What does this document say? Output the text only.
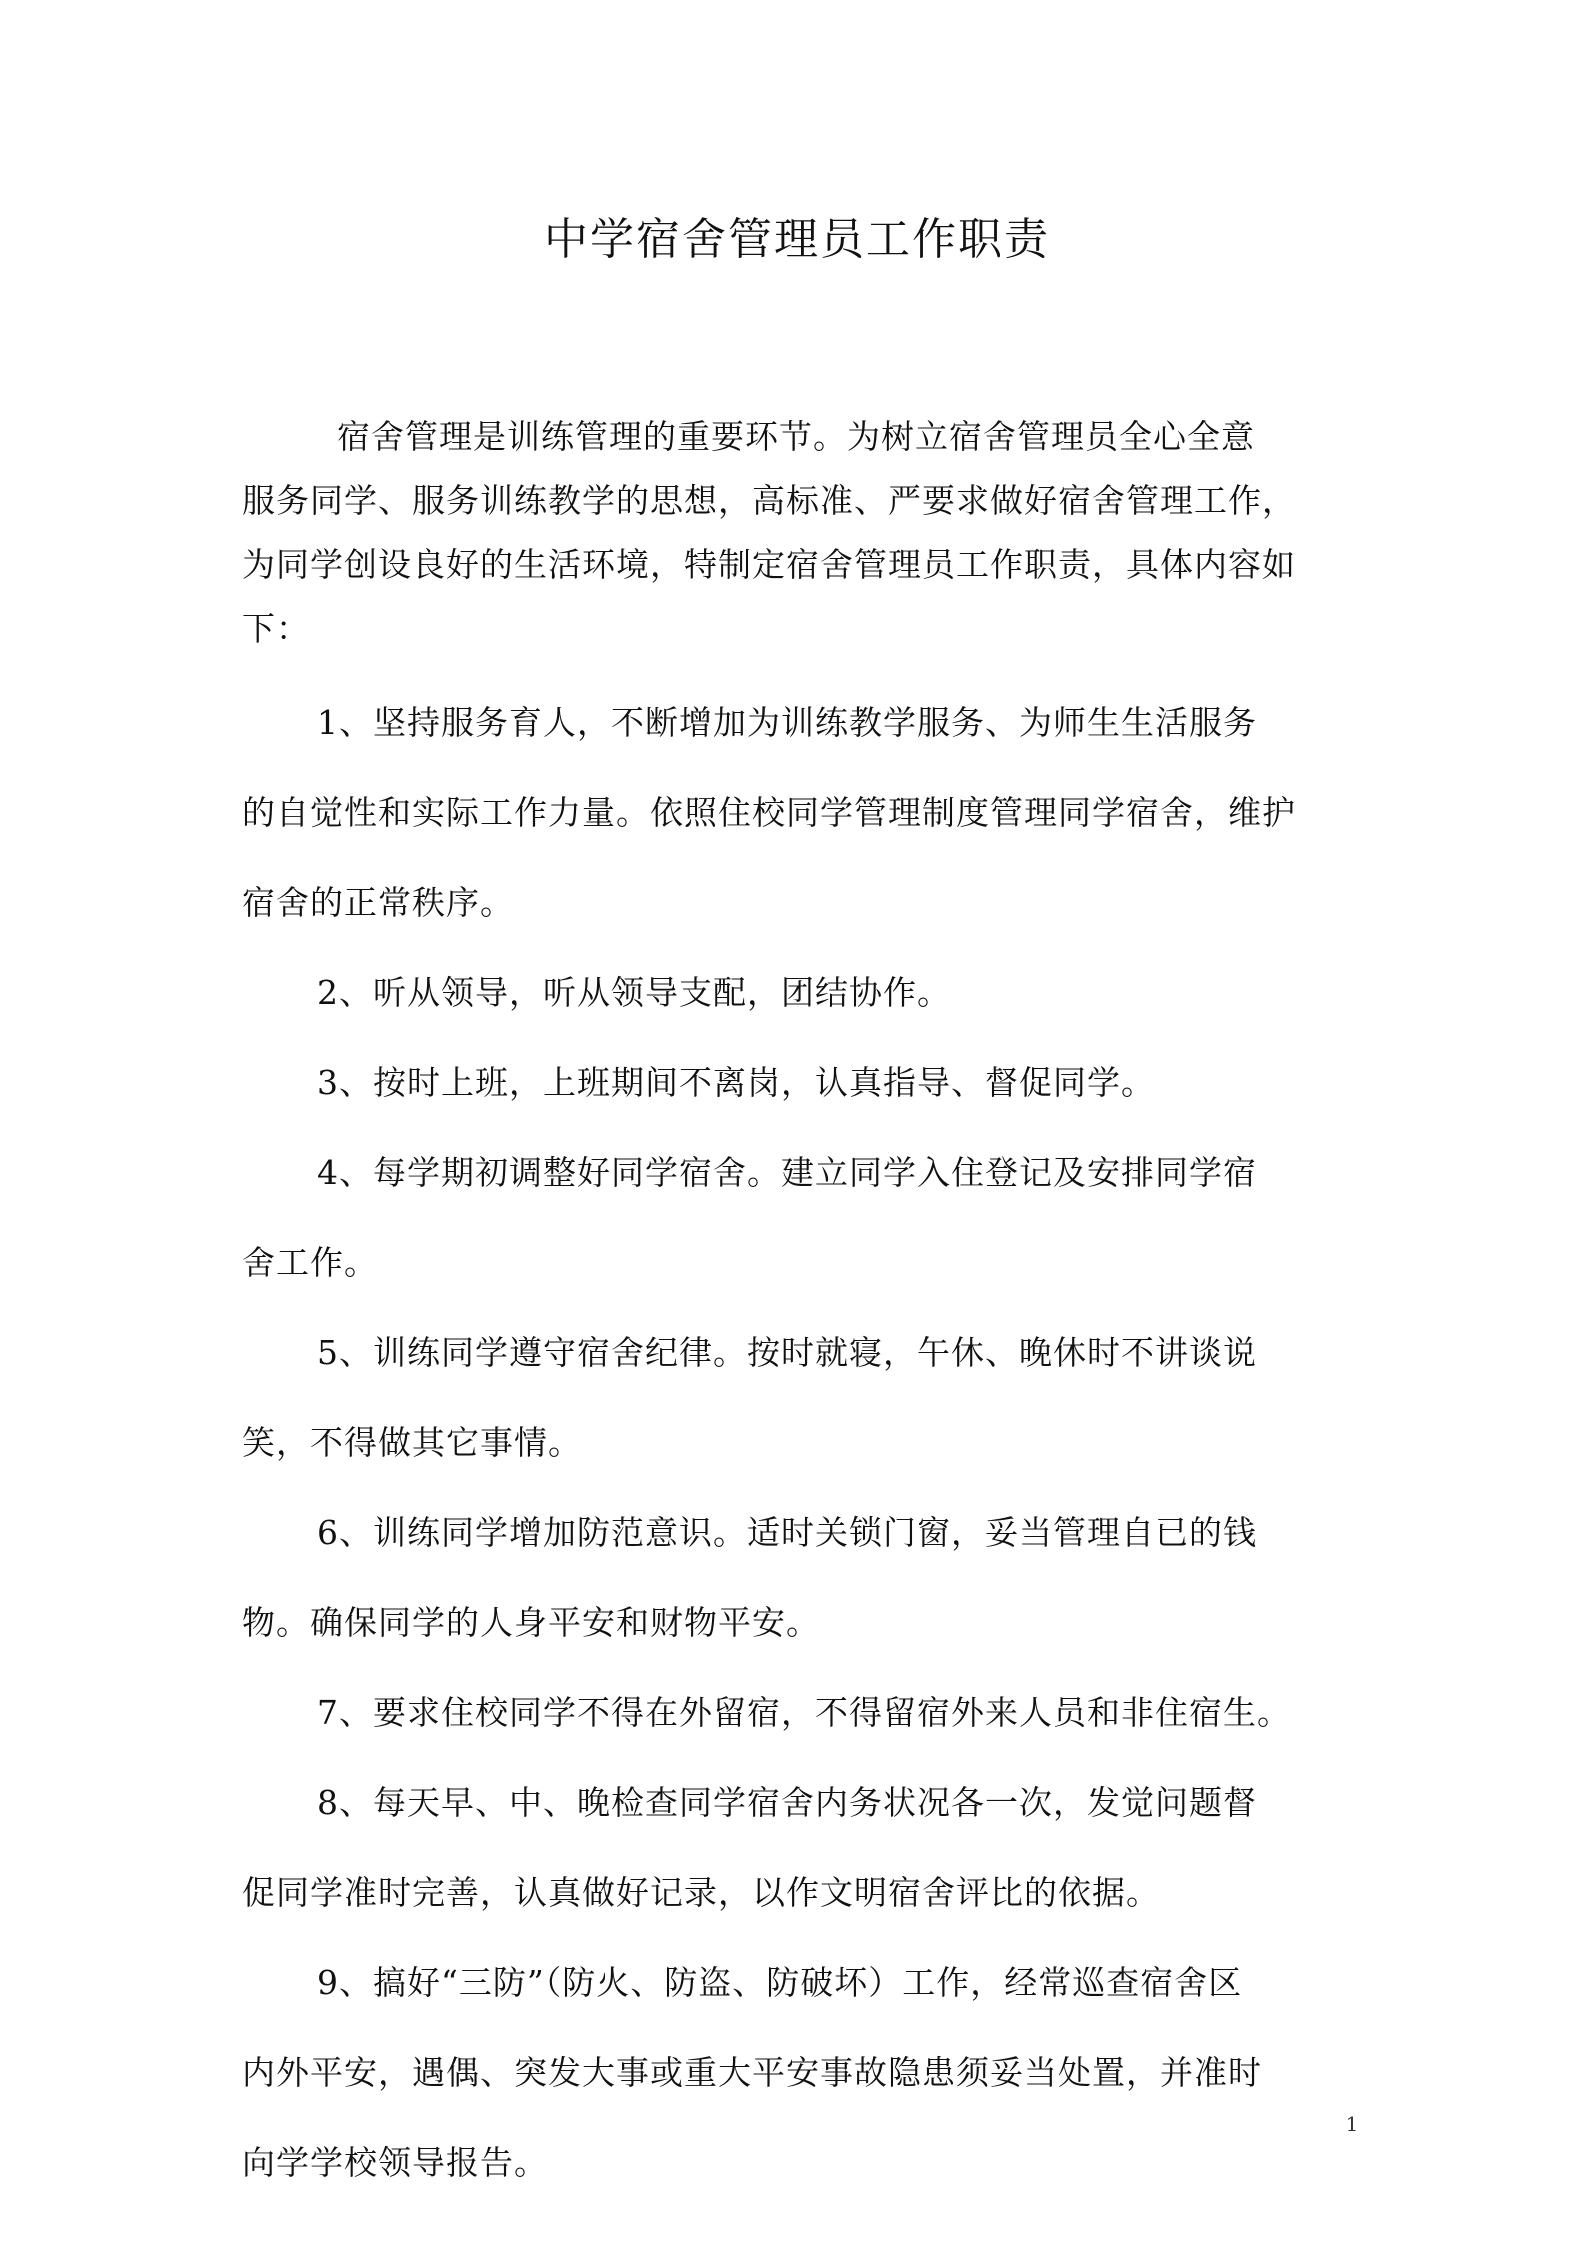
中学宿舍管理员工作职责
宿舍管理是训练管理的重要环节。为树立宿舍管理员全心全意
服务同学、服务训练教学的思想，高标准、严要求做好宿舍管理工作，
为同学创设良好的生活环境，特制定宿舍管理员工作职责，具体内容如
下：
1、坚持服务育人，不断增加为训练教学服务、为师生生活服务
的自觉性和实际工作力量。依照住校同学管理制度管理同学宿舍，维护
宿舍的正常秩序。
2、听从领导，听从领导支配，团结协作。
3、按时上班，上班期间不离岗，认真指导、督促同学。
4、每学期初调整好同学宿舍。建立同学入住登记及安排同学宿
舍工作。
5、训练同学遵守宿舍纪律。按时就寝，午休、晚休时不讲谈说
笑，不得做其它事情。
6、训练同学增加防范意识。适时关锁门窗，妥当管理自已的钱
物。确保同学的人身平安和财物平安。
7、要求住校同学不得在外留宿，不得留宿外来人员和非住宿生。
8、每天早、中、晚检查同学宿舍内务状况各一次，发觉问题督
促同学准时完善，认真做好记录，以作文明宿舍评比的依据。
9、搞好“三防”（防火、防盗、防破坏）工作，经常巡查宿舍区
内外平安，遇偶、突发大事或重大平安事故隐患须妥当处置，并准时
向学学校领导报告。
1
